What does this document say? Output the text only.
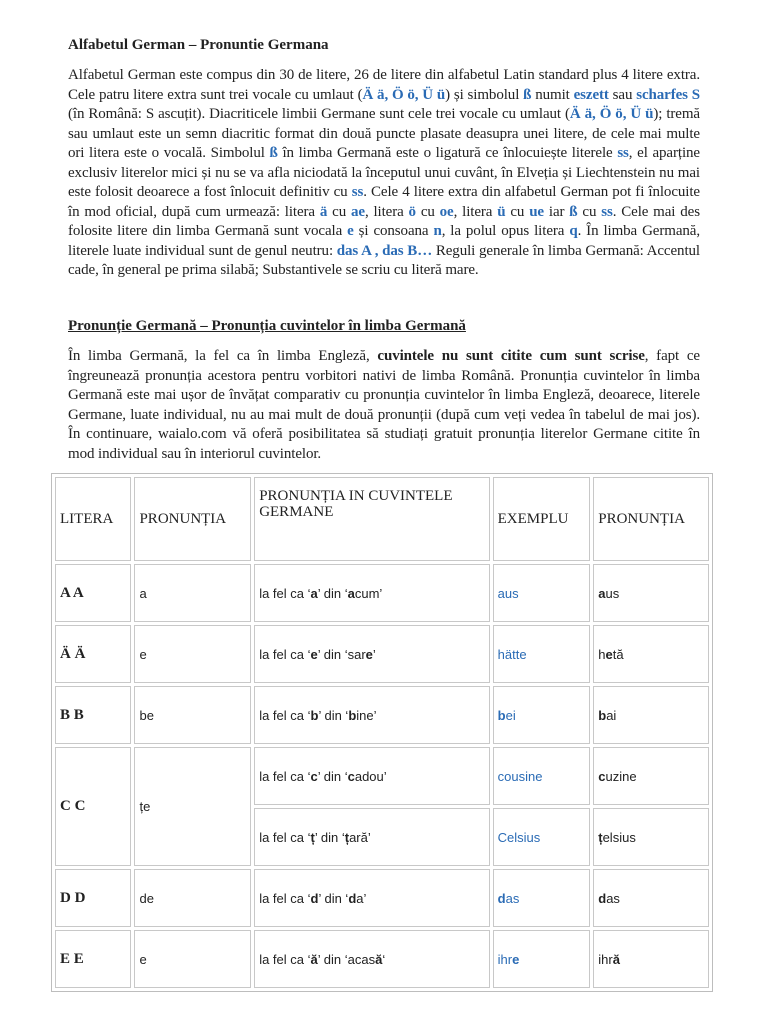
Alfabetul German – Pronuntie Germana

Alfabetul German este compus din 30 de litere, 26 de litere din alfabetul Latin standard plus 4 litere extra. Cele patru litere extra sunt trei vocale cu umlaut (Ä ä, Ö ö, Ü ü) și simbolul ß numit eszett sau scharfes S (în Română: S ascuțit). Diacriticele limbii Germane sunt cele trei vocale cu umlaut (Ä ä, Ö ö, Ü ü); tremă sau umlaut este un semn diacritic format din două puncte plasate deasupra unei litere, de cele mai multe ori litera este o vocală. Simbolul ß în limba Germană este o ligatură ce înlocuiește literele ss, el aparține exclusiv literelor mici și nu se va afla niciodată la începutul unui cuvânt, în Elveția și Liechtenstein nu mai este folosit deoarece a fost înlocuit definitiv cu ss. Cele 4 litere extra din alfabetul German pot fi înlocuite în mod oficial, după cum urmează: litera ä cu ae, litera ö cu oe, litera ü cu ue iar ß cu ss. Cele mai des folosite litere din limba Germană sunt vocala e și consoana n, la polul opus litera q. În limba Germană, literele luate individual sunt de genul neutru: das A , das B… Reguli generale în limba Germană: Accentul cade, în general pe prima silabă; Substantivele se scriu cu literă mare.

Pronunție Germană – Pronunția cuvintelor în limba Germană

În limba Germană, la fel ca în limba Engleză, cuvintele nu sunt citite cum sunt scrise, fapt ce îngreunează pronunția acestora pentru vorbitori nativi de limba Română. Pronunția cuvintelor în limba Germană este mai ușor de învățat comparativ cu pronunția cuvintelor în limba Engleză, deoarece, literele Germane, luate individual, nu au mai mult de două pronunții (după cum veți vedea în tabelul de mai jos). În continuare, waialo.com vă oferă posibilitatea să studiați gratuit pronunția literelor Germane citite în mod individual sau în interiorul cuvintelor.

LITERA	PRONUNȚIA	PRONUNȚIA IN CUVINTELE GERMANE	EXEMPLU	PRONUNȚIA
A A	a	la fel ca ‘a’ din ‘acum’	aus	aus
Ä Ä	e	la fel ca ‘e’ din ‘sare’	hätte	hetă
B B	be	la fel ca ‘b’ din ‘bine’	bei	bai
C C	țe	la fel ca ‘c’ din ‘cadou’	cousine	cuzine
		la fel ca ‘ț’ din ‘țară’	Celsius	țelsius
D D	de	la fel ca ‘d’ din ‘da’	das	das
E E	e	la fel ca ‘ă’ din ‘acasă‘	ihre	ihră
